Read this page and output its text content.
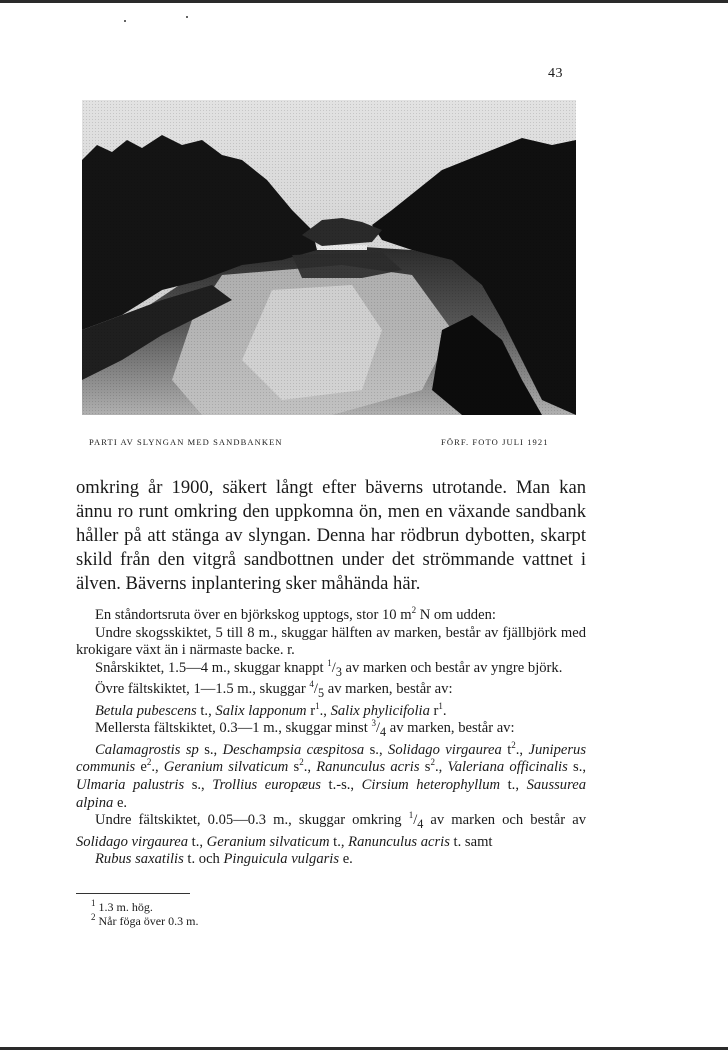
43
PARTI AV SLYNGAN MED SANDBANKEN	FÖRF. FOTO JULI 1921

omkring år 1900, säkert långt efter bäverns utrotande. Man kan ännu ro runt omkring den uppkomna ön, men en växande sandbank håller på att stänga av slyngan. Denna har rödbrun dybotten, skarpt skild från den vitgrå sandbottnen under det strömmande vattnet i älven. Bäverns inplantering sker måhända här.

En ståndortsruta över en björkskog upptogs, stor 10 $m^2$ N om udden:

Undre skogsskiktet, 5 till 8 m., skuggar hälften av marken, består av fjällbjörk med krokigare växt än i närmaste backe. r.

Snårskiktet, 1.5—4 m., skuggar knappt $^1/_3$ av marken och består av yngre björk.

Övre fältskiktet, 1—1.5 m., skuggar $^4/_5$ av marken, består av:

Betula pubescens t., Salix lapponum $r^1$., Salix phylicifolia $r^1$.

Mellersta fältskiktet, 0.3—1 m., skuggar minst $^3/_4$ av marken, består av:

Calamagrostis sp s., Deschampsia cæspitosa s., Solidago virgaurea $t^2$., Juniperus communis $e^2$., Geranium silvaticum $s^2$., Ranunculus acris $s^2$., Valeriana officinalis s., Ulmaria palustris s., Trollius europæus t.-s., Cirsium heterophyllum t., Saussurea alpina e.

Undre fältskiktet, 0.05—0.3 m., skuggar omkring $^1/_4$ av marken och består av Solidago virgaurea t., Geranium silvaticum t., Ranunculus acris t. samt

Rubus saxatilis t. och Pinguicula vulgaris e.

$^1$ 1.3 m. hög.

$^2$ Når föga över 0.3 m.
